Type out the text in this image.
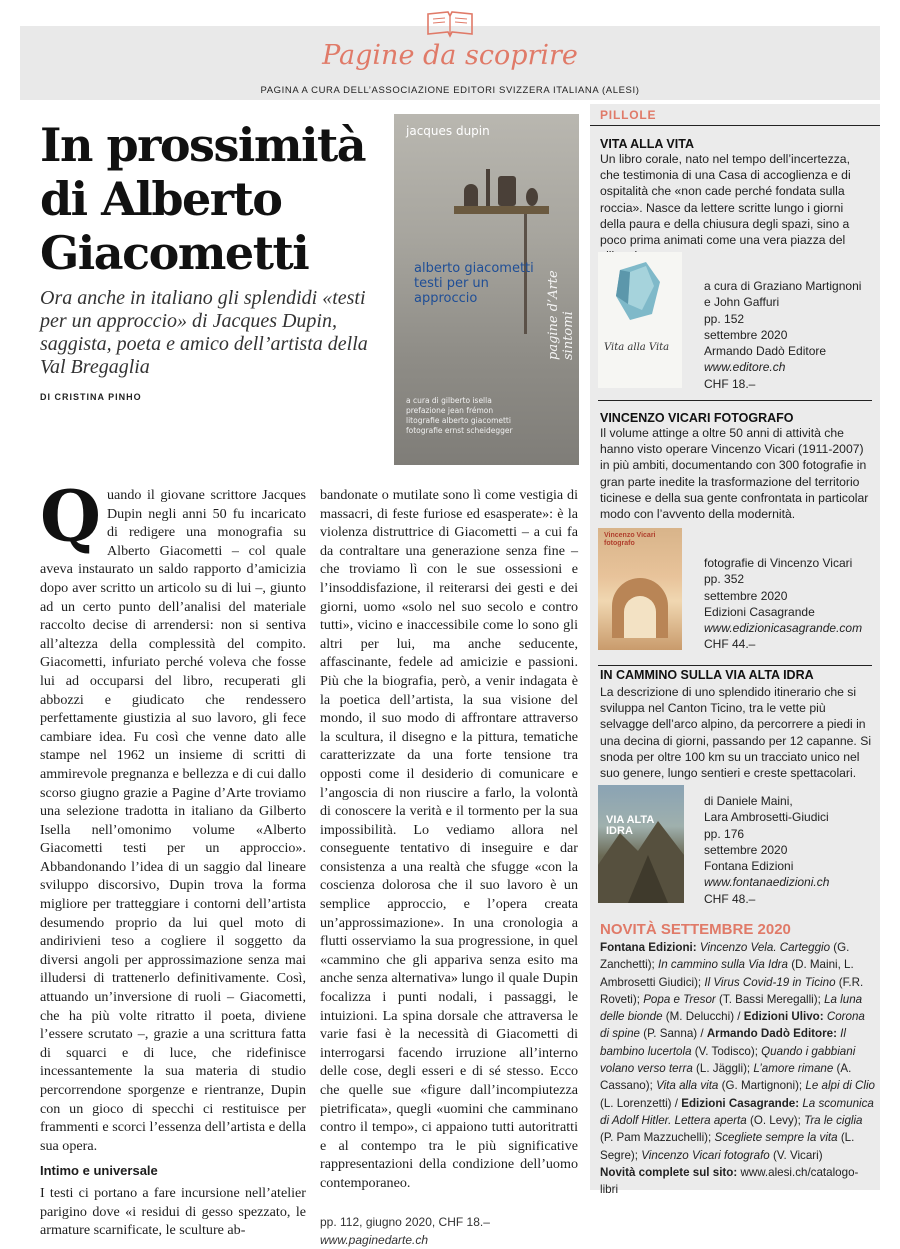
Pagine da scoprire
PAGINA A CURA DELL’ASSOCIAZIONE EDITORI SVIZZERA ITALIANA (ALESI)
In prossimità di Alberto Giacometti
Ora anche in italiano gli splendidi «testi per un approccio» di Jacques Dupin, saggista, poeta e amico dell’artista della Val Bregaglia
DI CRISTINA PINHO
jacques dupin
alberto giacometti testi per un approccio
a cura di gilberto isella
prefazione jean frémon
litografie alberto giacometti
fotografie ernst scheidegger
pagine d’Arte sintomi
Quando il giovane scrittore Jacques Dupin negli anni 50 fu incaricato di redigere una monografia su Alberto Giacometti – col quale aveva instaurato un saldo rapporto d’amicizia dopo aver scritto un articolo su di lui –, giunto ad un certo punto dell’analisi del materiale raccolto decise di arrendersi: non si sentiva all’altezza della complessità del compito. Giacometti, infuriato perché voleva che fosse lui ad occuparsi del libro, recuperati gli abbozzi e giudicato che rendessero perfettamente giustizia al suo lavoro, gli fece cambiare idea. Fu così che venne dato alle stampe nel 1962 un insieme di scritti di ammirevole pregnanza e bellezza e di cui dallo scorso giugno grazie a Pagine d’Arte troviamo una selezione tradotta in italiano da Gilberto Isella nell’omonimo volume «Alberto Giacometti testi per un approccio». Abbandonando l’idea di un saggio dal lineare sviluppo discorsivo, Dupin trova la forma migliore per tratteggiare i contorni dell’artista desumendo proprio da lui quel moto di andirivieni teso a cogliere il soggetto da diversi angoli per approssimazione senza mai illudersi di trattenerlo definitivamente. Così, attuando un’inversione di ruoli – Giacometti, che ha più volte ritratto il poeta, diviene l’essere scrutato –, grazie a una scrittura fatta di squarci e di luce, che ridefinisce incessantemente la sua materia di studio percorrendone sporgenze e rientranze, Dupin con un gioco di specchi ci restituisce per frammenti e scorci l’essenza dell’artista e della sua opera.
Intimo e universale
I testi ci portano a fare incursione nell’atelier parigino dove «i residui di gesso spezzato, le armature scarnificate, le sculture ab-
bandonate o mutilate sono lì come vestigia di massacri, di feste furiose ed esasperate»: è la violenza distruttrice di Giacometti – a cui fa da contraltare una generazione senza fine – che troviamo lì con le sue ossessioni e l’insoddisfazione, il reiterarsi dei gesti e dei giorni, uomo «solo nel suo secolo e contro tutti», vicino e inaccessibile come lo sono gli altri per lui, ma anche seducente, affascinante, fedele ad amicizie e passioni. Più che la biografia, però, a venir indagata è la poetica dell’artista, la sua visione del mondo, il suo modo di affrontare attraverso la scultura, il disegno e la pittura, tematiche caratterizzate da una forte tensione tra opposti come il desiderio di comunicare e l’angoscia di non riuscire a farlo, la volontà di conoscere la verità e il tormento per la sua impossibilità. Lo vediamo allora nel conseguente tentativo di inseguire e dar consistenza a una realtà che sfugge «con la coscienza dolorosa che il suo lavoro è un semplice approccio, e l’opera creata un’approssimazione». In una cronologia a flutti osserviamo la sua progressione, in quel «cammino che gli appariva senza esito ma anche senza alternativa» lungo il quale Dupin focalizza i punti nodali, i passaggi, le intuizioni. La spina dorsale che attraversa le varie fasi è la necessità di Giacometti di interrogarsi facendo irruzione all’interno delle cose, degli esseri e di sé stesso. Ecco che quelle sue «figure dall’incompiutezza pietrificata», quegli «uomini che camminano contro il tempo», ci appaiono tutti autoritratti e al contempo tra le più significative rappresentazioni della condizione dell’uomo contemporaneo.
pp. 112, giugno 2020, CHF 18.–
www.paginedarte.ch
PILLOLE
VITA ALLA VITA
Un libro corale, nato nel tempo dell’incertezza, che testimonia di una Casa di accoglienza e di ospitalità che «non cade perché fondata sulla roccia». Nasce da lettere scritte lungo i giorni della paura e della chiusura degli spazi, sino a poco prima animati come una vera piazza del
Vita alla Vita
a cura di Graziano Martignoni
e John Gaffuri
pp. 152
settembre 2020
Armando Dadò Editore
www.editore.ch
CHF 18.–
VINCENZO VICARI FOTOGRAFO
Il volume attinge a oltre 50 anni di attività che hanno visto operare Vincenzo Vicari (1911-2007) in più ambiti, documentando con 300 fotografie in gran parte inedite la trasformazione del territorio ticinese e della sua gente confrontata in particolar modo con l’avvento della modernità.
Vincenzo Vicari fotografo
fotografie di Vincenzo Vicari
pp. 352
settembre 2020
Edizioni Casagrande
www.edizionicasagrande.com
CHF 44.–
IN CAMMINO SULLA VIA ALTA IDRA
La descrizione di uno splendido itinerario che si sviluppa nel Canton Ticino, tra le vette più selvagge dell’arco alpino, da percorrere a piedi in una decina di giorni, passando per 12 capanne. Si snoda per oltre 100 km su un tracciato unico nel suo genere, lungo sentieri e creste spettacolari.
VIA ALTA IDRA
di Daniele Maini,
Lara Ambrosetti-Giudici
pp. 176
settembre 2020
Fontana Edizioni
www.fontanaedizioni.ch
CHF 48.–
NOVITÀ SETTEMBRE 2020
Fontana Edizioni: Vincenzo Vela. Carteggio (G. Zanchetti); In cammino sulla Via Idra (D. Maini, L. Ambrosetti Giudici); Il Virus Covid-19 in Ticino (F.R. Roveti); Popa e Tresor (T. Bassi Meregalli); La luna delle bionde (M. Delucchi) / Edizioni Ulivo: Corona di spine (P. Sanna) / Armando Dadò Editore: Il bambino lucertola (V. Todisco); Quando i gabbiani volano verso terra (L. Jäggli); L’amore rimane (A. Cassano); Vita alla vita (G. Martignoni); Le alpi di Clio (L. Lorenzetti) / Edizioni Casagrande: La scomunica di Adolf Hitler. Lettera aperta (O. Levy); Tra le ciglia (P. Pam Mazzuchelli); Scegliete sempre la vita (L. Segre); Vincenzo Vicari fotografo (V. Vicari)
Novità complete sul sito: www.alesi.ch/catalogo-libri
